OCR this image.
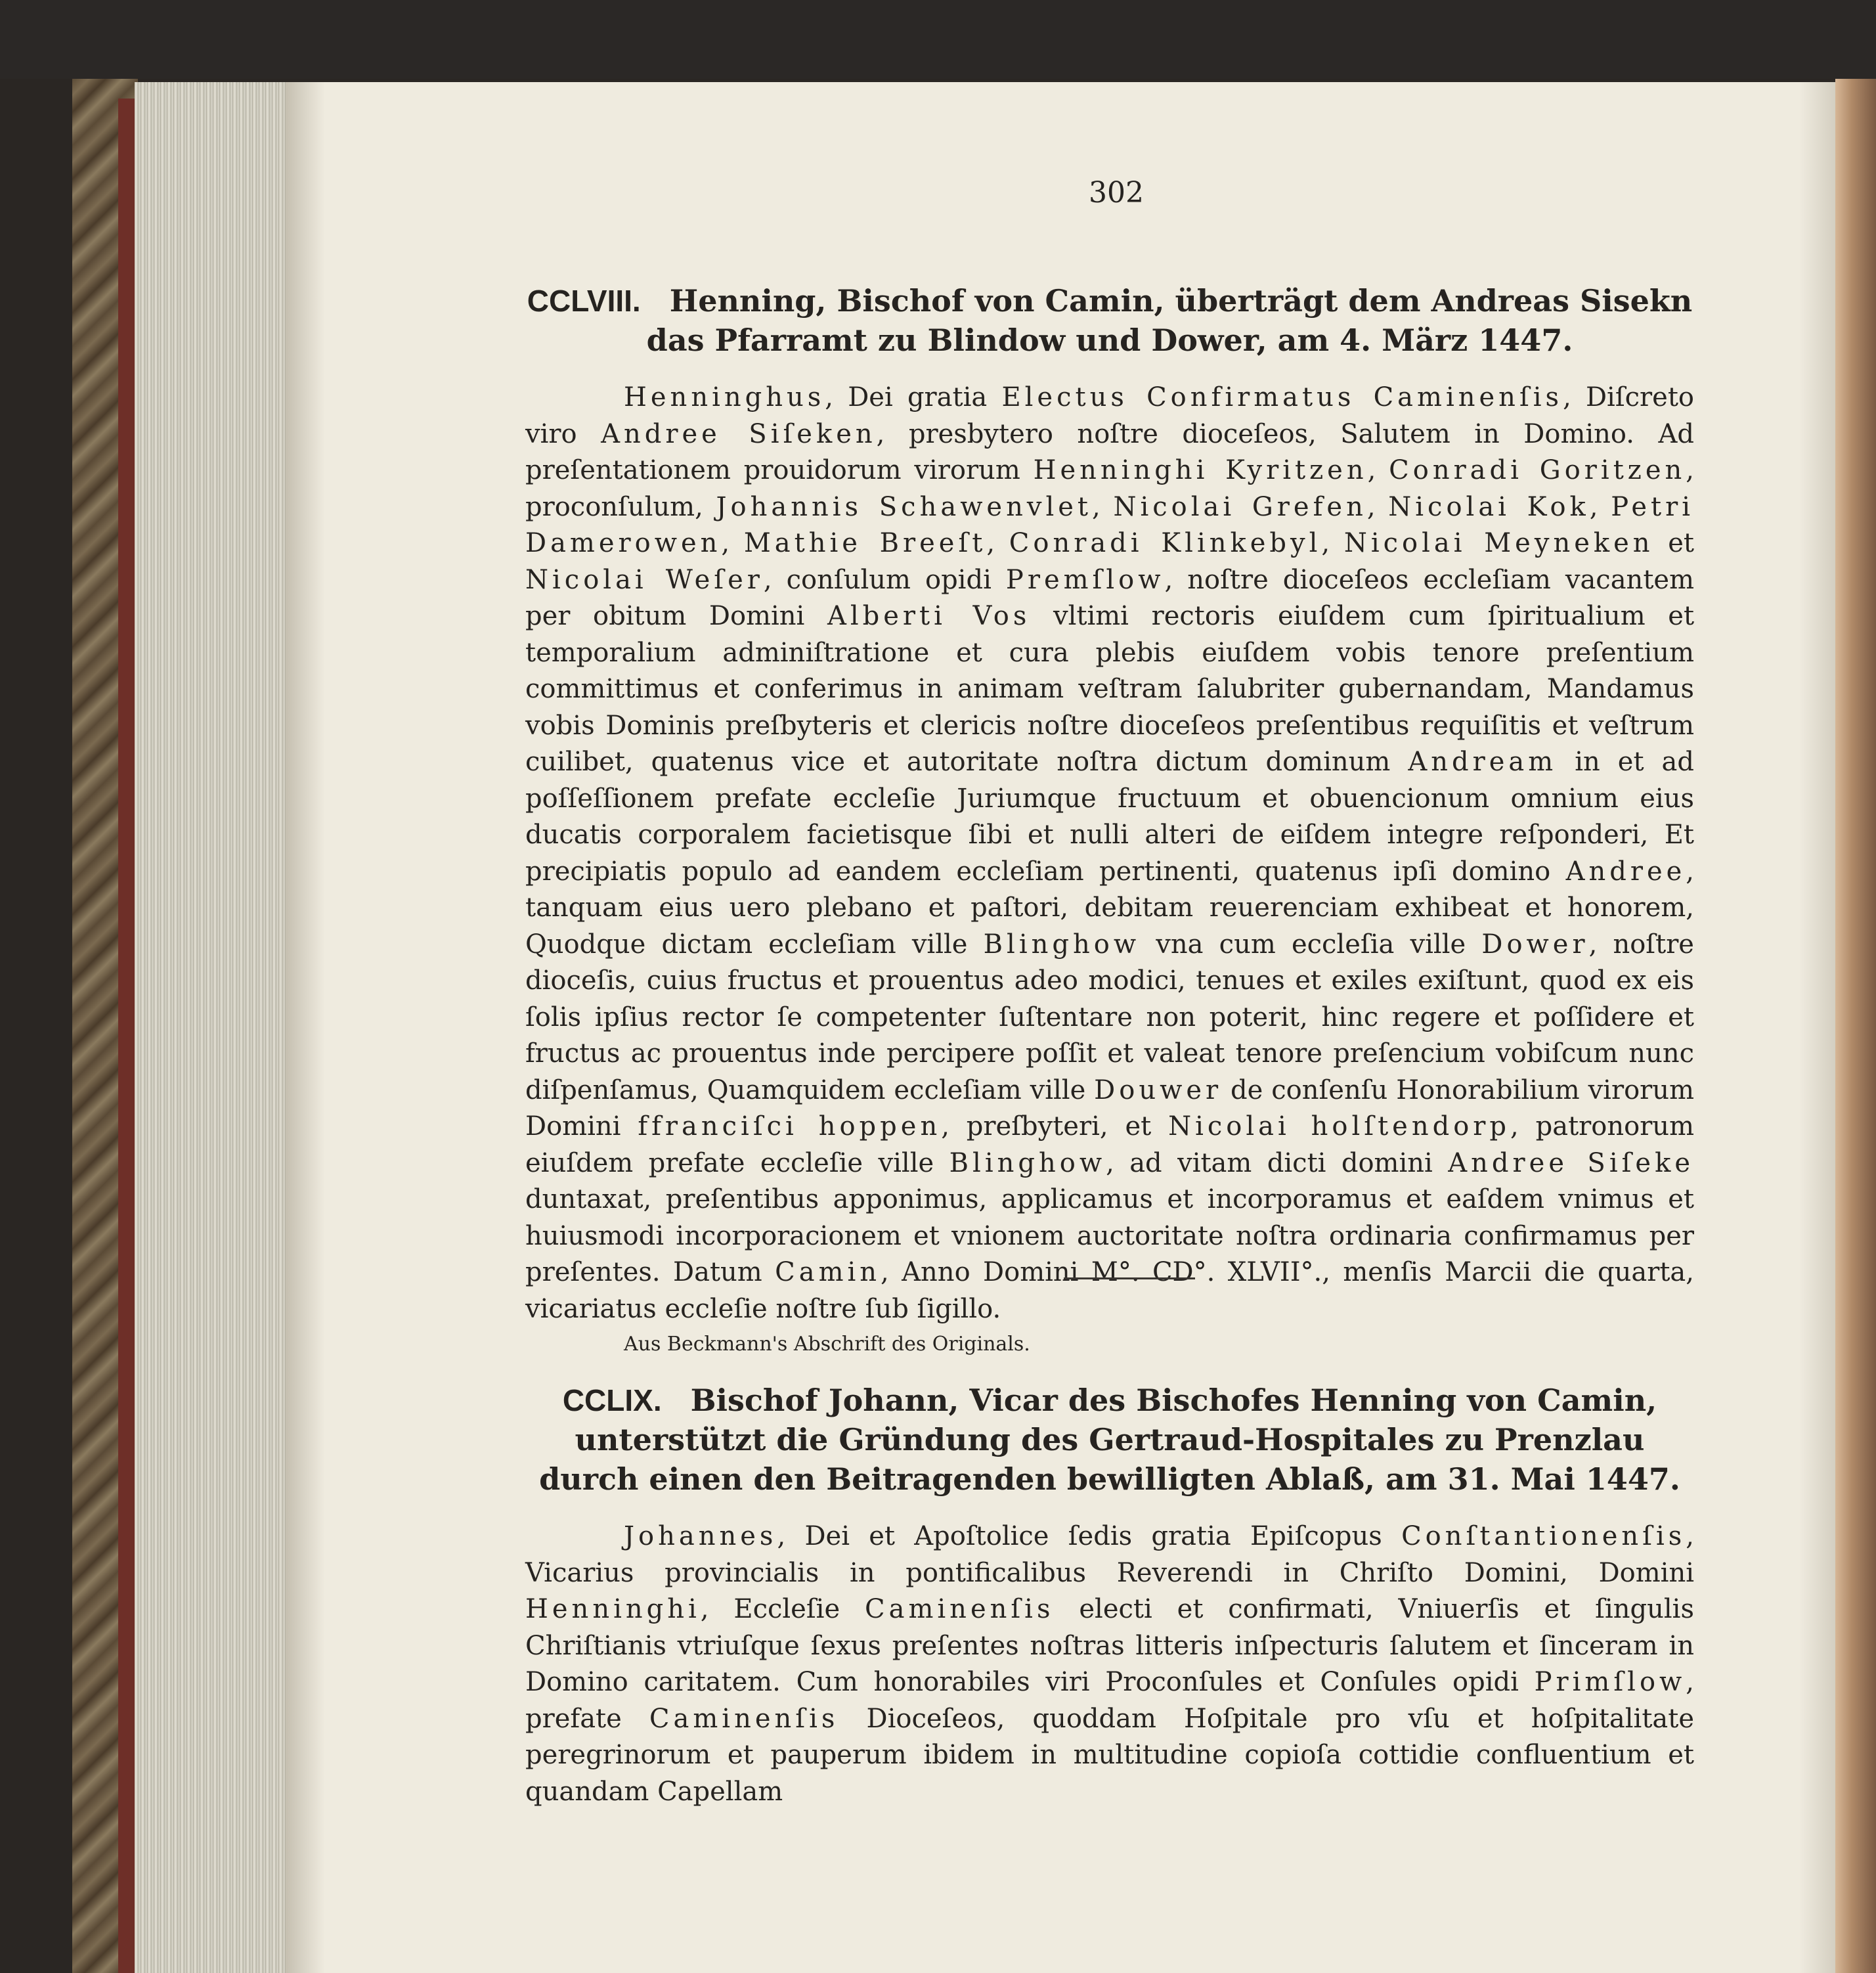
302
CCLVIII. Henning, Bischof von Camin, überträgt dem Andreas Sisekn das Pfarramt zu Blindow und Dower, am 4. März 1447.

Henninghus, Dei gratia Electus Confirmatus Caminenſis, Diſcreto viro Andree Siſeken, presbytero noſtre dioceſeos, Salutem in Domino. Ad preſentationem prouidorum virorum Henninghi Kyritzen, Conradi Goritzen, proconſulum, Johannis Schawenvlet, Nicolai Grefen, Nicolai Kok, Petri Damerowen, Mathie Breeſt, Conradi Klinkebyl, Nicolai Meyneken et Nicolai Weſer, conſulum opidi Premſlow, noſtre dioceſeos eccleſiam vacantem per obitum Domini Alberti Vos vltimi rectoris eiuſdem cum ſpiritualium et temporalium adminiſtratione et cura plebis eiuſdem vobis tenore preſentium committimus et conferimus in animam veſtram ſalubriter gubernandam, Mandamus vobis Dominis preſbyteris et clericis noſtre dioceſeos preſentibus requiſitis et veſtrum cuilibet, quatenus vice et autoritate noſtra dictum dominum Andream in et ad poſſeſſionem prefate eccleſie Juriumque fructuum et obuencionum omnium eius ducatis corporalem facietisque ſibi et nulli alteri de eiſdem integre reſponderi, Et precipiatis populo ad eandem eccleſiam pertinenti, quatenus ipſi domino Andree, tanquam eius uero plebano et paſtori, debitam reuerenciam exhibeat et honorem, Quodque dictam eccleſiam ville Blinghow vna cum eccleſia ville Dower, noſtre dioceſis, cuius fructus et prouentus adeo modici, tenues et exiles exiſtunt, quod ex eis ſolis ipſius rector ſe competenter ſuſtentare non poterit, hinc regere et poſſidere et fructus ac prouentus inde percipere poſſit et valeat tenore preſencium vobiſcum nunc diſpenſamus, Quamquidem eccleſiam ville Douwer de conſenſu Honorabilium virorum Domini ffranciſci hoppen, preſbyteri, et Nicolai holſtendorp, patronorum eiuſdem prefate eccleſie ville Blinghow, ad vitam dicti domini Andree Siſeke duntaxat, preſentibus apponimus, applicamus et incorporamus et eaſdem vnimus et huiusmodi incorporacionem et vnionem auctoritate noſtra ordinaria confirmamus per preſentes. Datum Camin, Anno Domini M°. CD°. XLVII°., menſis Marcii die quarta, vicariatus eccleſie noſtre ſub ſigillo.

Aus Beckmann's Abschrift des Originals.

CCLIX. Bischof Johann, Vicar des Bischofes Henning von Camin, unterstützt die Gründung des Gertraud-Hospitales zu Prenzlau durch einen den Beitragenden bewilligten Ablaß, am 31. Mai 1447.

Johannes, Dei et Apoſtolice ſedis gratia Epiſcopus Conſtantionenſis, Vicarius provincialis in pontificalibus Reverendi in Chriſto Domini, Domini Henninghi, Eccleſie Caminenſis electi et confirmati, Vniuerſis et ſingulis Chriſtianis vtriuſque ſexus preſentes noſtras litteris inſpecturis ſalutem et ſinceram in Domino caritatem. Cum honorabiles viri Proconſules et Conſules opidi Primſlow, prefate Caminenſis Dioceſeos, quoddam Hoſpitale pro vſu et hoſpitalitate peregrinorum et pauperum ibidem in multitudine copioſa cottidie confluentium et quandam Capellam
